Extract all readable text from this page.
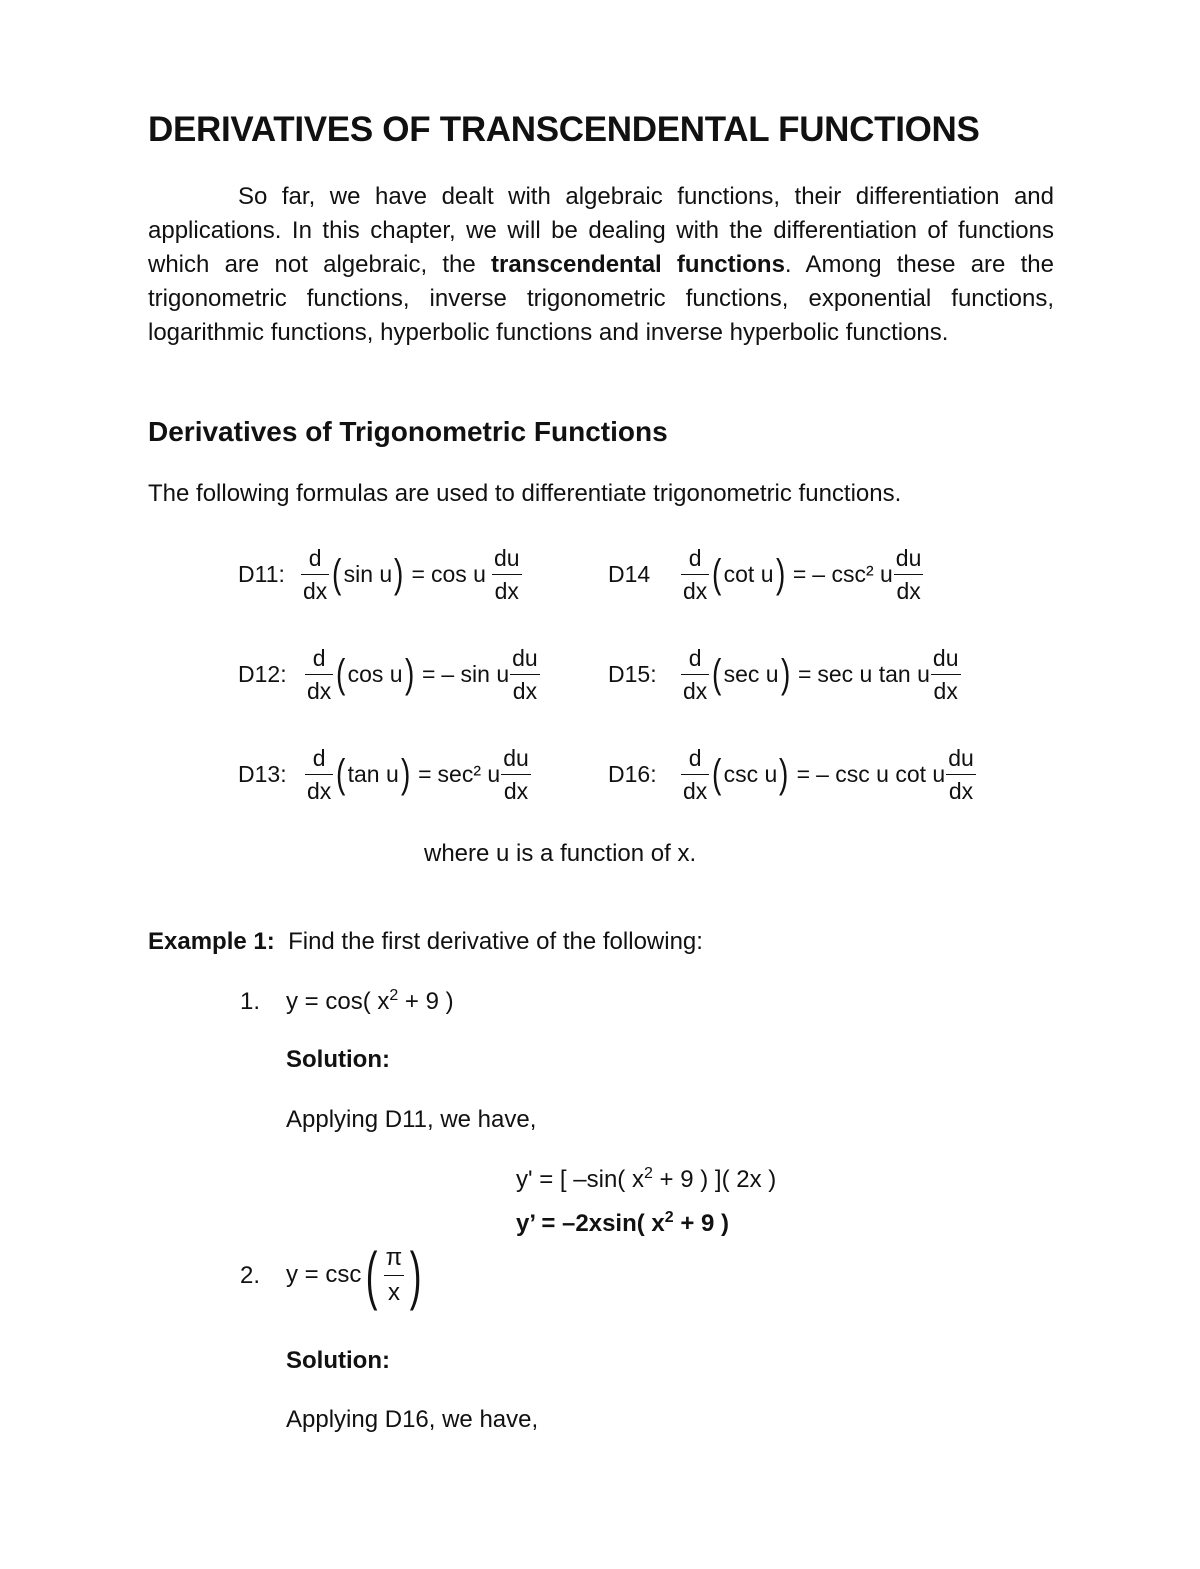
DERIVATIVES OF TRANSCENDENTAL FUNCTIONS

So far, we have dealt with algebraic functions, their differentiation and applications. In this chapter, we will be dealing with the differentiation of functions which are not algebraic, the transcendental functions. Among these are the trigonometric functions, inverse trigonometric functions, exponential functions, logarithmic functions, hyperbolic functions and inverse hyperbolic functions.

Derivatives of Trigonometric Functions
The following formulas are used to differentiate trigonometric functions.
D11: $\frac{d}{dx}$ ( sin u ) = cos u $\frac{du}{dx}$
D12: $\frac{d}{dx}$ ( cos u ) = – sin u $\frac{du}{dx}$
D13: $\frac{d}{dx}$ ( tan u ) = sec² u $\frac{du}{dx}$
D14	$\frac{d}{dx}$ ( cot u ) = – csc² u $\frac{du}{dx}$
D15:	$\frac{d}{dx}$ ( sec u ) = sec u tan u $\frac{du}{dx}$
D16:	$\frac{d}{dx}$ ( csc u ) = – csc u cot u $\frac{du}{dx}$
where u is a function of x.
Example 1: Find the first derivative of the following:
1. y = cos( $x^2 + 9$ )
Solution:
Applying D11, we have,
y' = [ –sin( $x^2 + 9$ ) ]( 2x )
y’ = –2xsin( $x^2 + 9$ )
2. y = csc ( $\frac{\pi}{x}$ )
Solution:
Applying D16, we have,
